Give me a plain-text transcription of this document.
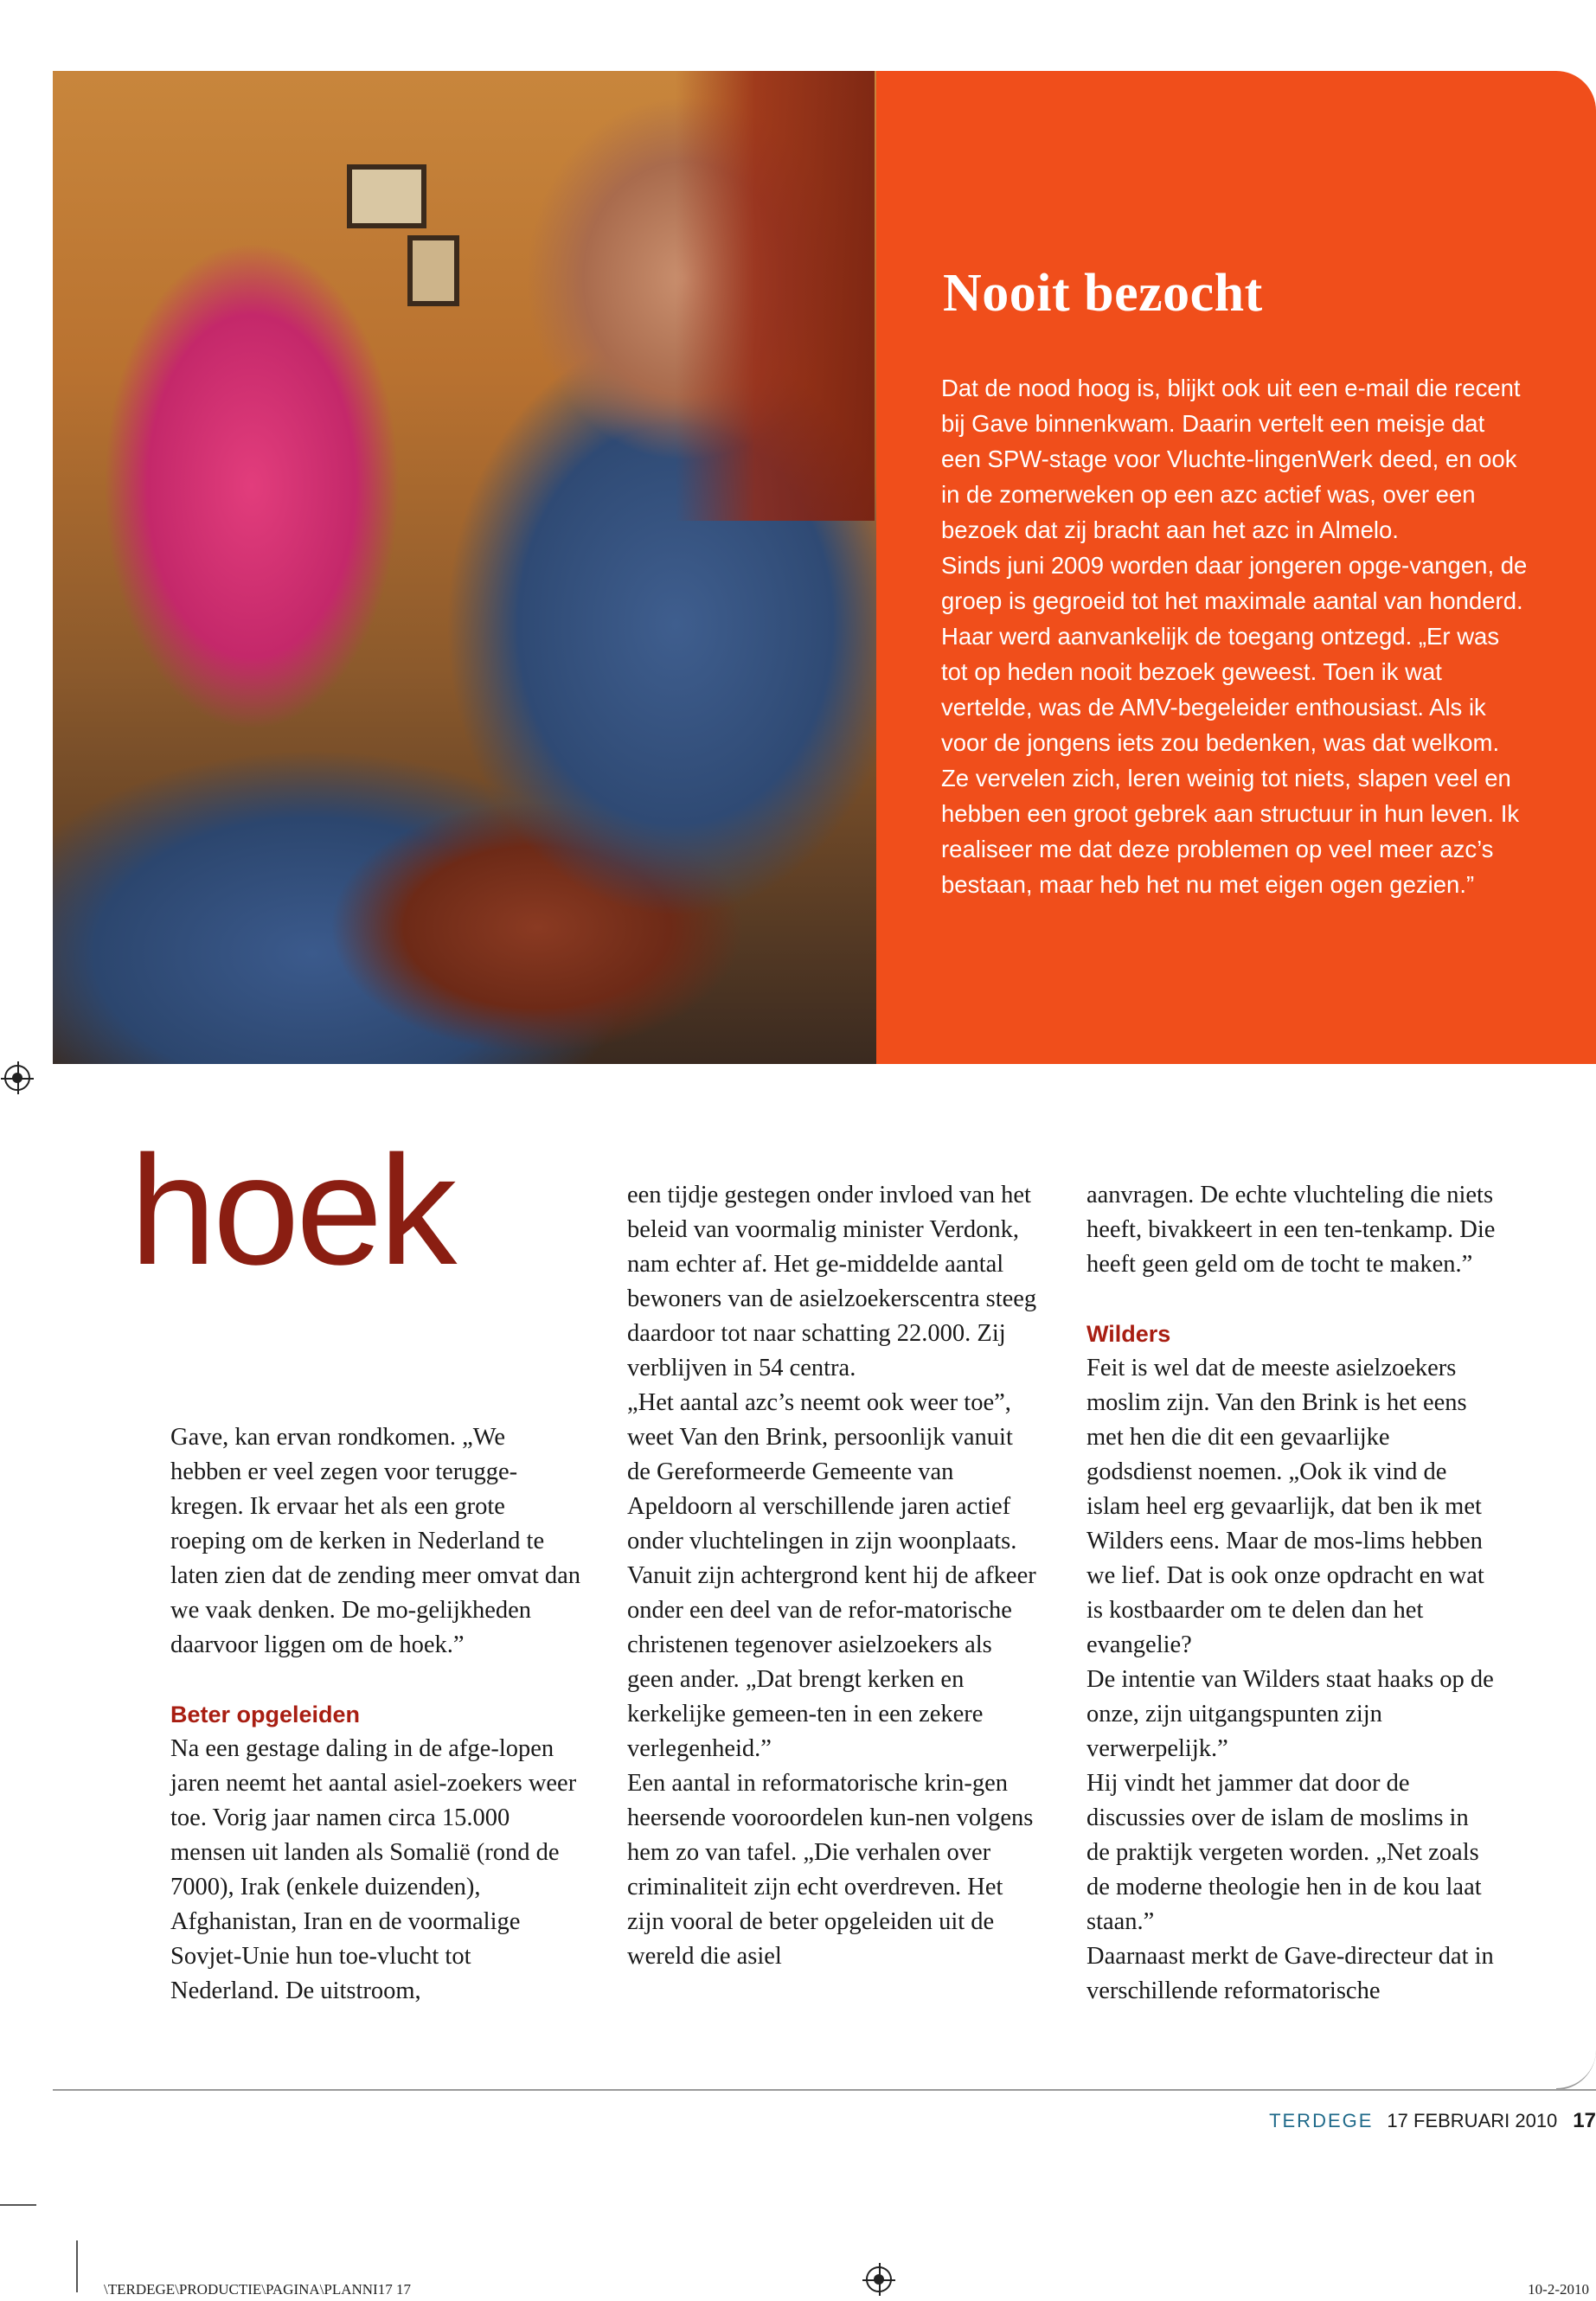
Nooit bezocht

Dat de nood hoog is, blijkt ook uit een e-mail die recent bij Gave binnenkwam. Daarin vertelt een meisje dat een SPW-stage voor Vluchte-lingenWerk deed, en ook in de zomerweken op een azc actief was, over een bezoek dat zij bracht aan het azc in Almelo.

Sinds juni 2009 worden daar jongeren opge-vangen, de groep is gegroeid tot het maximale aantal van honderd. Haar werd aanvankelijk de toegang ontzegd. „Er was tot op heden nooit bezoek geweest. Toen ik wat vertelde, was de AMV-begeleider enthousiast. Als ik voor de jongens iets zou bedenken, was dat welkom. Ze vervelen zich, leren weinig tot niets, slapen veel en hebben een groot gebrek aan structuur in hun leven. Ik realiseer me dat deze problemen op veel meer azc’s bestaan, maar heb het nu met eigen ogen gezien.”

hoek

Gave, kan ervan rondkomen. „We hebben er veel zegen voor terugge-kregen. Ik ervaar het als een grote roeping om de kerken in Nederland te laten zien dat de zending meer omvat dan we vaak denken. De mo-gelijkheden daarvoor liggen om de hoek.”

Beter opgeleiden

Na een gestage daling in de afge-lopen jaren neemt het aantal asiel-zoekers weer toe. Vorig jaar namen circa 15.000 mensen uit landen als Somalië (rond de 7000), Irak (enkele duizenden), Afghanistan, Iran en de voormalige Sovjet-Unie hun toe-vlucht tot Nederland. De uitstroom,

een tijdje gestegen onder invloed van het beleid van voormalig minister Verdonk, nam echter af. Het ge-middelde aantal bewoners van de asielzoekerscentra steeg daardoor tot naar schatting 22.000. Zij verblijven in 54 centra.

„Het aantal azc’s neemt ook weer toe”, weet Van den Brink, persoonlijk vanuit de Gereformeerde Gemeente van Apeldoorn al verschillende jaren actief onder vluchtelingen in zijn woonplaats.

Vanuit zijn achtergrond kent hij de afkeer onder een deel van de refor-matorische christenen tegenover asielzoekers als geen ander. „Dat brengt kerken en kerkelijke gemeen-ten in een zekere verlegenheid.”

Een aantal in reformatorische krin-gen heersende vooroordelen kun-nen volgens hem zo van tafel. „Die verhalen over criminaliteit zijn echt overdreven. Het zijn vooral de beter opgeleiden uit de wereld die asiel

aanvragen. De echte vluchteling die niets heeft, bivakkeert in een ten-tenkamp. Die heeft geen geld om de tocht te maken.”

Wilders

Feit is wel dat de meeste asielzoekers moslim zijn. Van den Brink is het eens met hen die dit een gevaarlijke godsdienst noemen. „Ook ik vind de islam heel erg gevaarlijk, dat ben ik met Wilders eens. Maar de mos-lims hebben we lief. Dat is ook onze opdracht en wat is kostbaarder om te delen dan het evangelie?

De intentie van Wilders staat haaks op de onze, zijn uitgangspunten zijn verwerpelijk.”

Hij vindt het jammer dat door de discussies over de islam de moslims in de praktijk vergeten worden. „Net zoals de moderne theologie hen in de kou laat staan.”

Daarnaast merkt de Gave-directeur dat in verschillende reformatorische

TERDEGE 17 FEBRUARI 2010 17
\TERDEGE\PRODUCTIE\PAGINA\PLANNI17 17	10-2-2010
